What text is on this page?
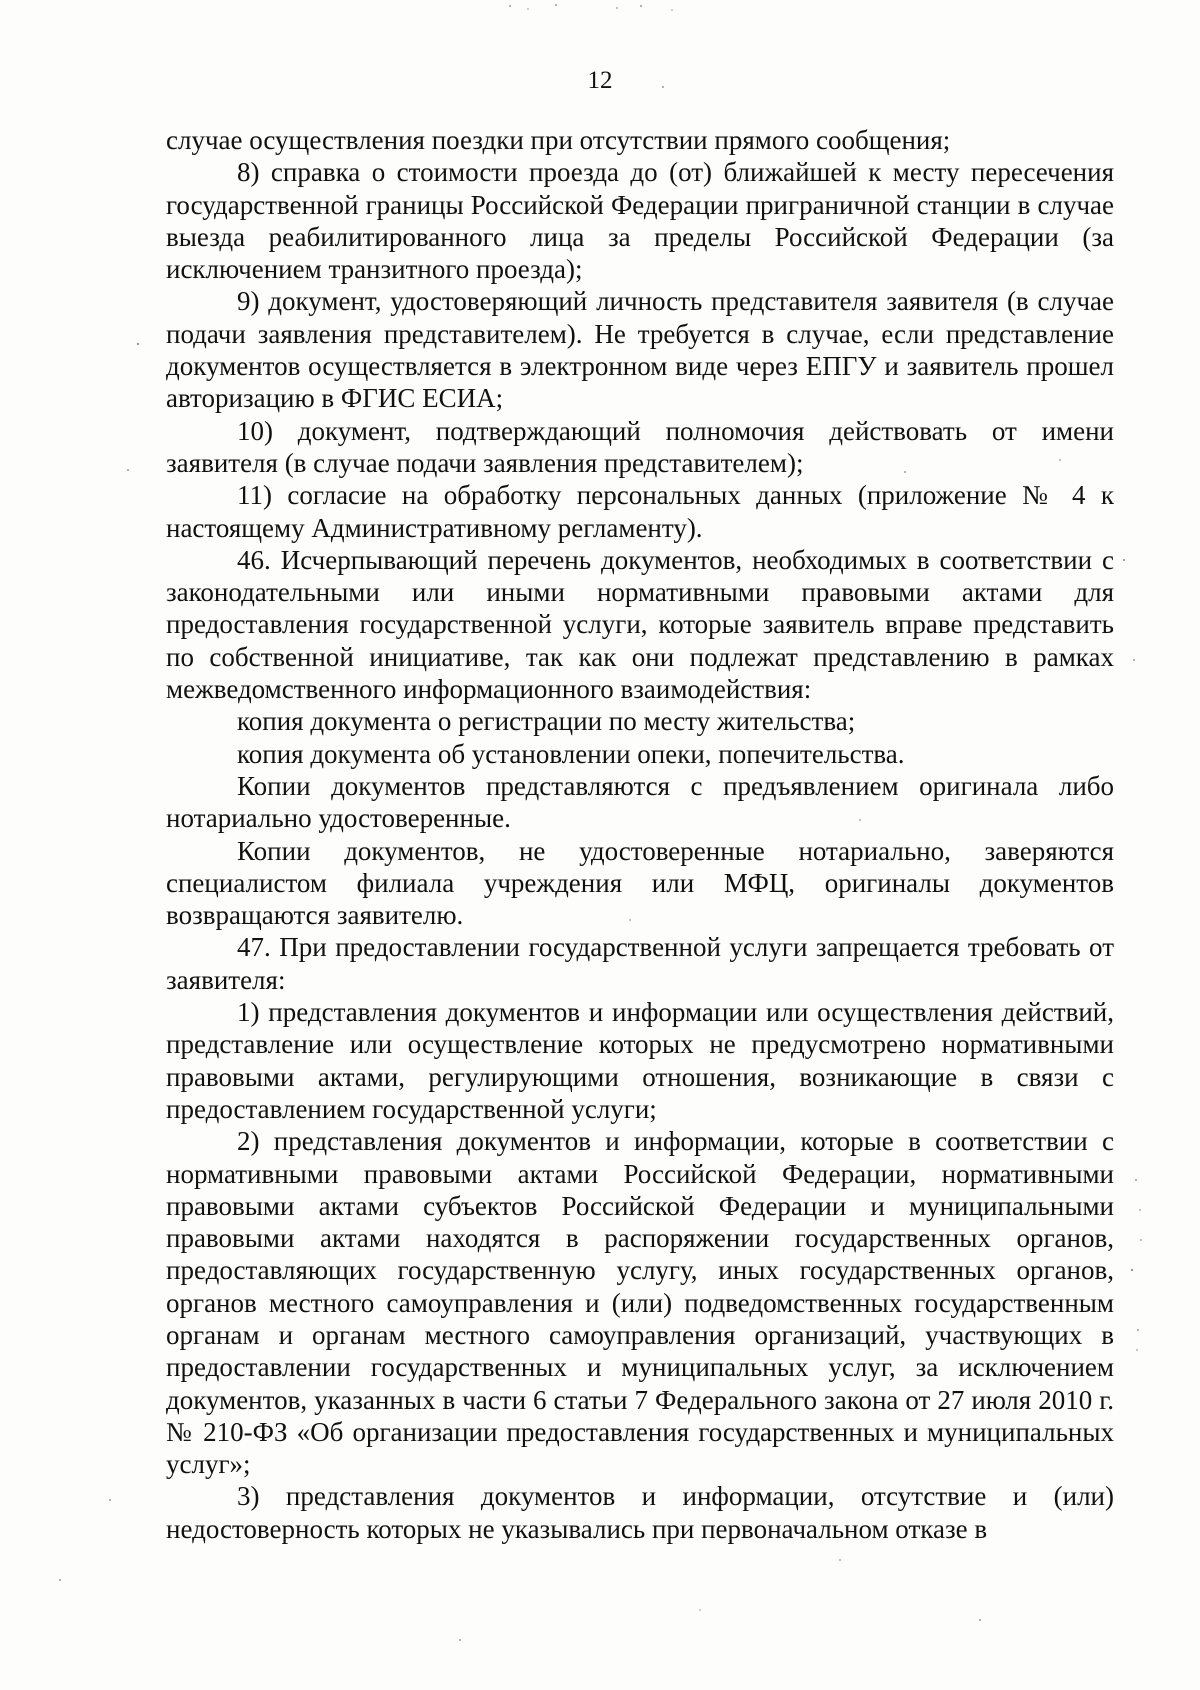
12

случае осуществления поездки при отсутствии прямого сообщения;

8) справка о стоимости проезда до (от) ближайшей к месту пересечения государственной границы Российской Федерации приграничной станции в случае выезда реабилитированного лица за пределы Российской Федерации (за исключением транзитного проезда);

9) документ, удостоверяющий личность представителя заявителя (в случае подачи заявления представителем). Не требуется в случае, если представление документов осуществляется в электронном виде через ЕПГУ и заявитель прошел авторизацию в ФГИС ЕСИА;

10) документ, подтверждающий полномочия действовать от имени заявителя (в случае подачи заявления представителем);

11) согласие на обработку персональных данных (приложение № 4 к настоящему Административному регламенту).

46. Исчерпывающий перечень документов, необходимых в соответствии с законодательными или иными нормативными правовыми актами для предоставления государственной услуги, которые заявитель вправе представить по собственной инициативе, так как они подлежат представлению в рамках межведомственного информационного взаимодействия:

копия документа о регистрации по месту жительства;

копия документа об установлении опеки, попечительства.

Копии документов представляются с предъявлением оригинала либо нотариально удостоверенные.

Копии документов, не удостоверенные нотариально, заверяются специалистом филиала учреждения или МФЦ, оригиналы документов возвращаются заявителю.

47. При предоставлении государственной услуги запрещается требовать от заявителя:

1) представления документов и информации или осуществления действий, представление или осуществление которых не предусмотрено нормативными правовыми актами, регулирующими отношения, возникающие в связи с предоставлением государственной услуги;

2) представления документов и информации, которые в соответствии с нормативными правовыми актами Российской Федерации, нормативными правовыми актами субъектов Российской Федерации и муниципальными правовыми актами находятся в распоряжении государственных органов, предоставляющих государственную услугу, иных государственных органов, органов местного самоуправления и (или) подведомственных государственным органам и органам местного самоуправления организаций, участвующих в предоставлении государственных и муниципальных услуг, за исключением документов, указанных в части 6 статьи 7 Федерального закона от 27 июля 2010 г. № 210-ФЗ «Об организации предоставления государственных и муниципальных услуг»;

3) представления документов и информации, отсутствие и (или) недостоверность которых не указывались при первоначальном отказе в
